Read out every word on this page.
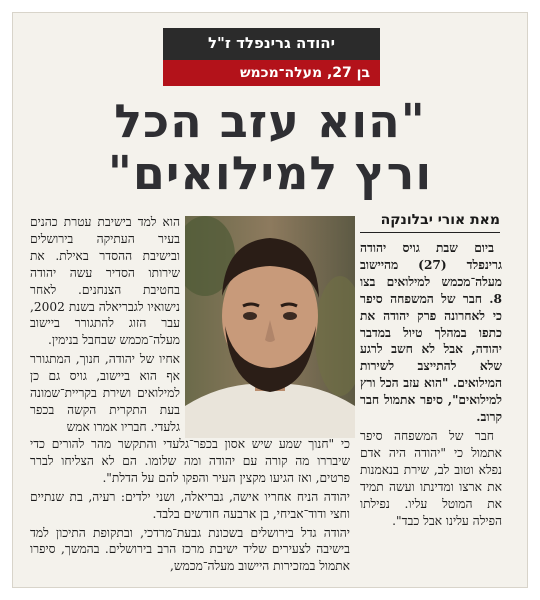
יהודה גרינפלד ז"ל
בן 27, מעלה־מכמש
"הוא עזב הכל
ורץ למילואים"
מאת אורי יבלונקה

ביום שבת גויס יהודה גרינפלד (27) מהיישוב מעלה־מכמש למילואים בצו 8. חבר של המשפחה סיפר כי לאחרונה פרק יהודה את כתפו במהלך טיול במדבר יהודה, אבל לא חשב לרגע שלא להתייצב לשירות המילואים. "הוא עזב הכל ורץ למילואים", סיפר אתמול חבר קרוב.

חבר של המשפחה סיפר אתמול כי "יהודה היה אדם נפלא וטוב לב, שירת בנאמנות את ארצו ומדינתו ועשה תמיד את המוטל עליו. נפילתו הפילה עלינו אבל כבד".

הוא למד בישיבת עטרת כהנים בעיר העתיקה בירושלים ובישיבת ההסדר באילת. את שירותו הסדיר עשה יהודה בחטיבת הצנחנים. לאחר נישואיו לגבריאלה בשנת 2002, עבר הזוג להתגורר ביישוב מעלה־מכמש שבחבל בנימין.

אחיו של יהודה, חנוך, המתגורר אף הוא ביישוב, גויס גם כן למילואים ושירת בקריית־שמונה בעת התקרית הקשה בכפר גלעדי. חבריו אמרו אמש

כי "חנוך שמע שיש אסון בכפר־גלעדי והתקשר מהר להורים כדי שיבררו מה קורה עם יהודה ומה שלומו. הם לא הצליחו לברר פרטים, ואז הגיעו מקצין העיר והפקו להם על הדלת".

יהודה הניח אחריו אישה, גבריאלה, ושני ילדים: רעיה, בת שנתיים וחצי ודוד־אביחי, בן ארבעה חודשים בלבד.

יהודה גדל בירושלים בשכונת גבעת־מרדכי, ובתקופת התיכון למד בישיבה לצעירים שליד ישיבת מרכז הרב בירושלים. בהמשך, סיפרו אתמול במזכירות היישוב מעלה־מכמש,
